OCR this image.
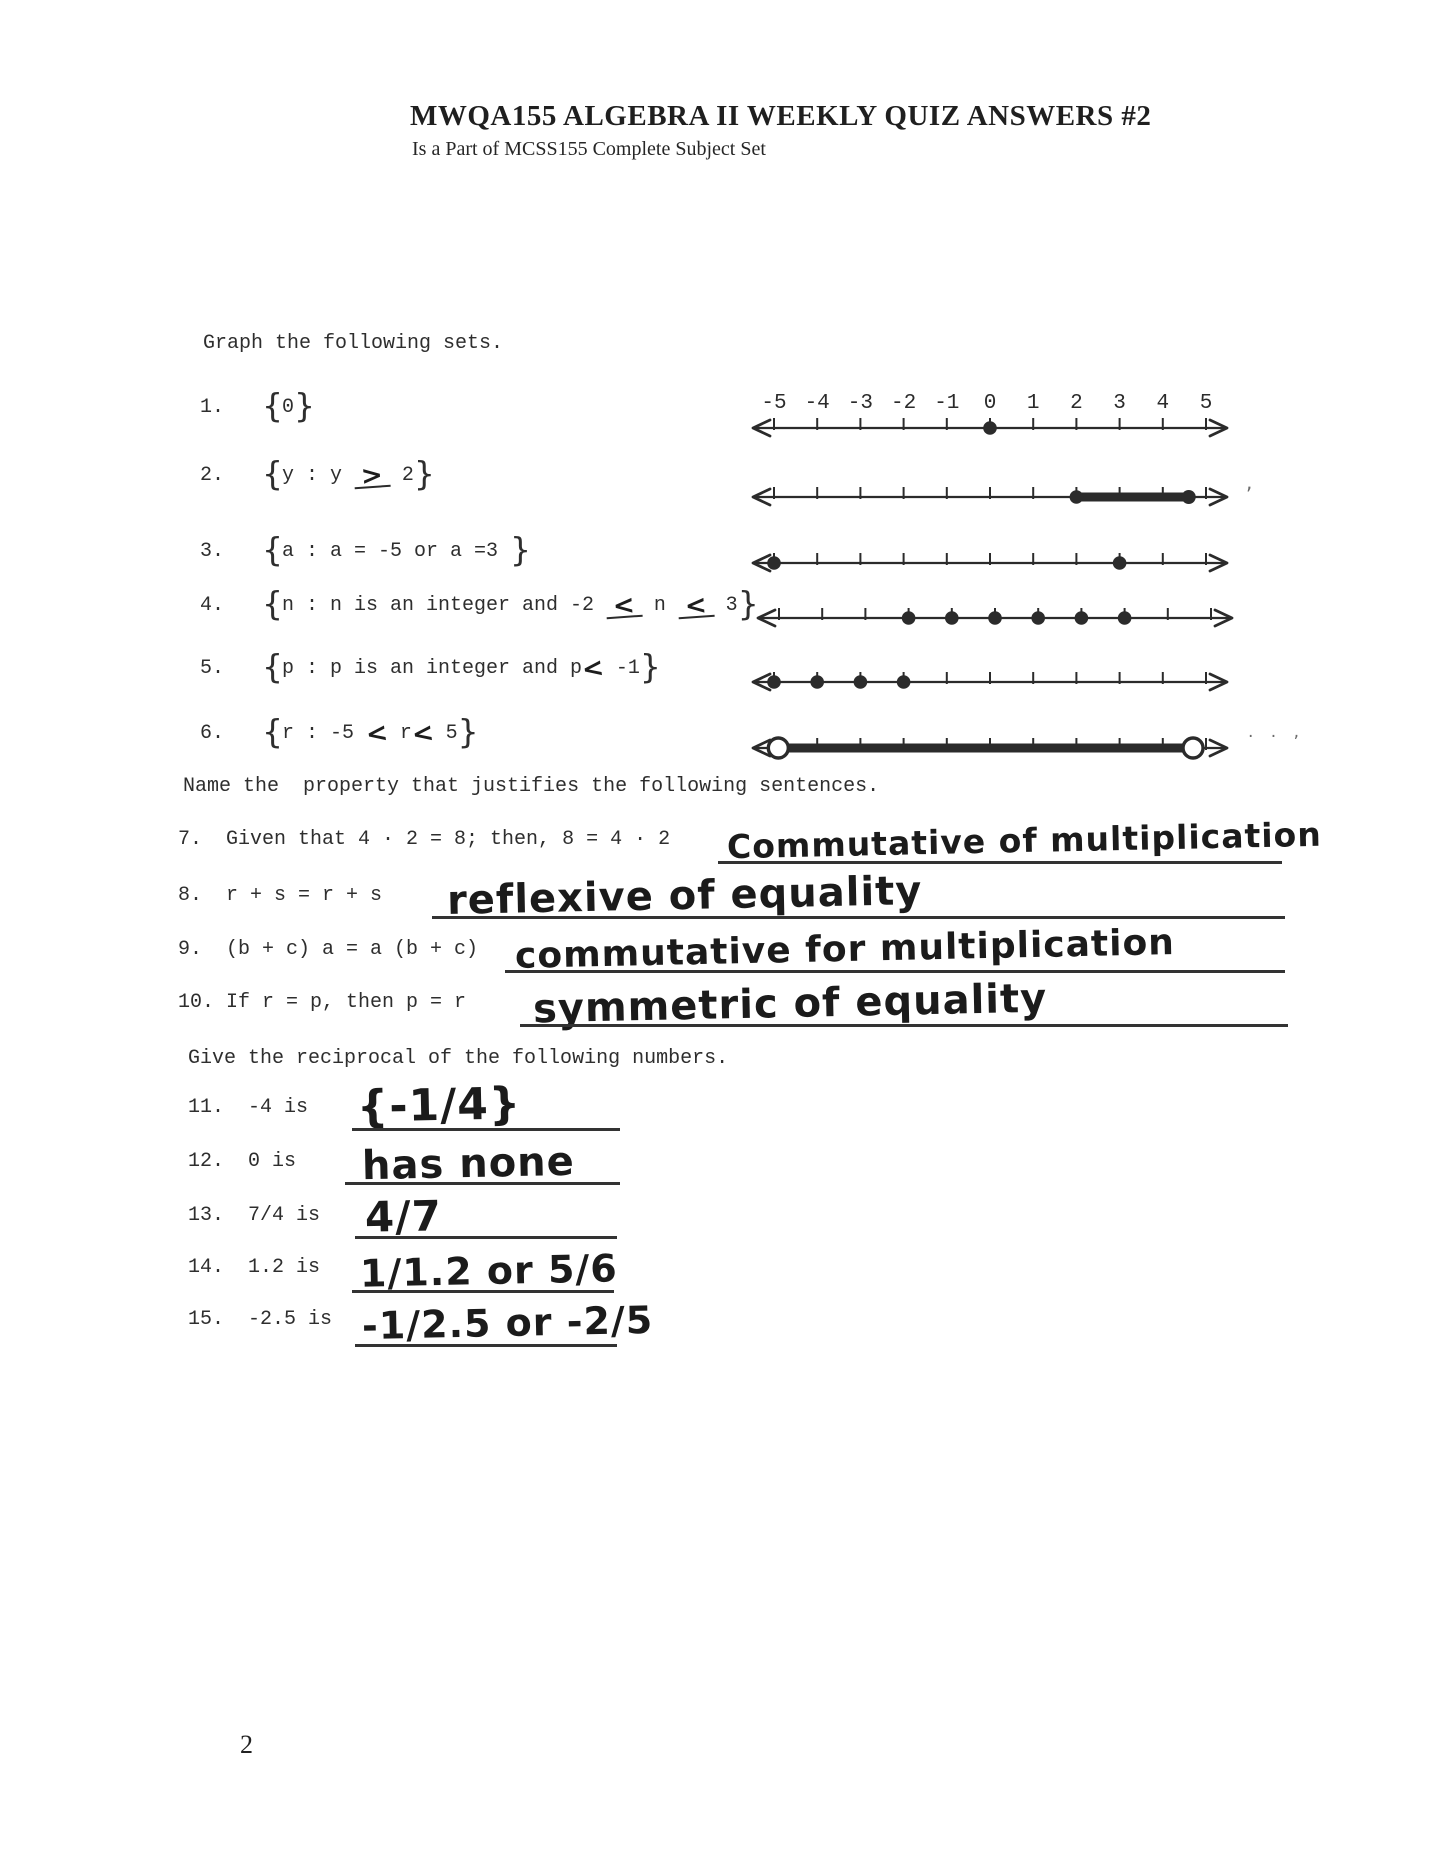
MWQA155 ALGEBRA II WEEKLY QUIZ ANSWERS #2
Is a Part of MCSS155 Complete Subject Set
Graph the following sets.
1. {0}
2. {y : y > 2}
3. {a : a = -5 or a =3 }
4. {n : n is an integer and -2 < n < 3}
5. {p : p is an integer and p< -1}
6. {r : -5 < r< 5}
-5 -4 -3 -2 -1 0 1 2 3 4 5
,
. . ,
Name the  property that justifies the following sentences.
7.  Given that 4 · 2 = 8; then, 8 = 4 · 2 Commutative of multiplication
8.  r + s = r + s reflexive of equality
9.  (b + c) a = a (b + c) commutative for multiplication
10. If r = p, then p = r symmetric of equality
Give the reciprocal of the following numbers.
11.  -4 is {-1/4}
12.  0 is has none
13.  7/4 is 4/7
14.  1.2 is 1/1.2 or 5/6
15.  -2.5 is -1/2.5 or -2/5
2
